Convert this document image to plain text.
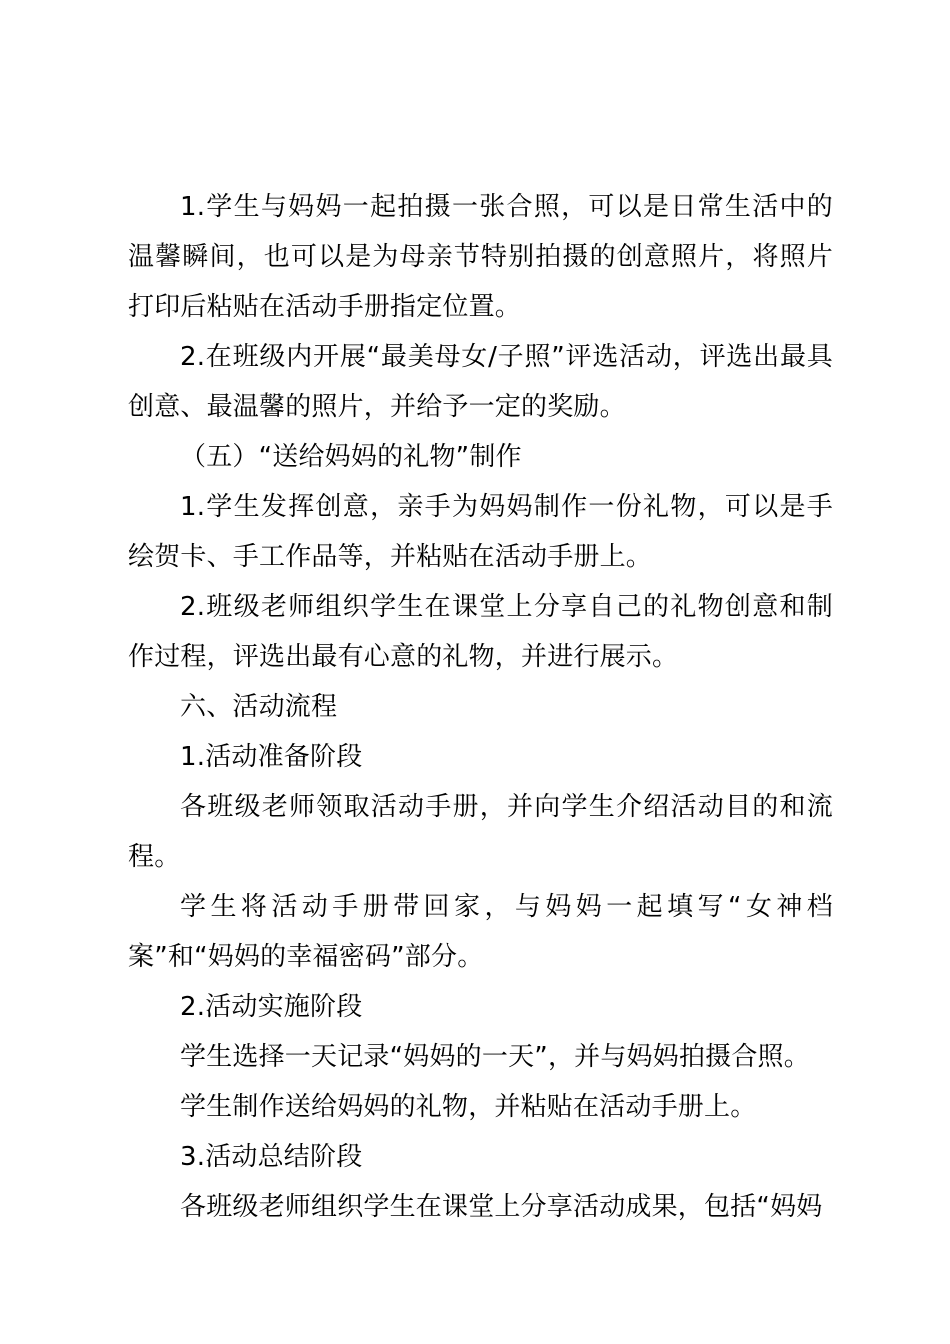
1.学生与妈妈一起拍摄一张合照，可以是日常生活中的温馨瞬间，也可以是为母亲节特别拍摄的创意照片，将照片打印后粘贴在活动手册指定位置。

2.在班级内开展“最美母女/子照”评选活动，评选出最具创意、最温馨的照片，并给予一定的奖励。

（五）“送给妈妈的礼物”制作

1.学生发挥创意，亲手为妈妈制作一份礼物，可以是手绘贺卡、手工作品等，并粘贴在活动手册上。

2.班级老师组织学生在课堂上分享自己的礼物创意和制作过程，评选出最有心意的礼物，并进行展示。

六、活动流程

1.活动准备阶段

各班级老师领取活动手册，并向学生介绍活动目的和流程。

学生将活动手册带回家，与妈妈一起填写“女神档案”和“妈妈的幸福密码”部分。

2.活动实施阶段

学生选择一天记录“妈妈的一天”，并与妈妈拍摄合照。

学生制作送给妈妈的礼物，并粘贴在活动手册上。

3.活动总结阶段

各班级老师组织学生在课堂上分享活动成果，包括“妈妈
